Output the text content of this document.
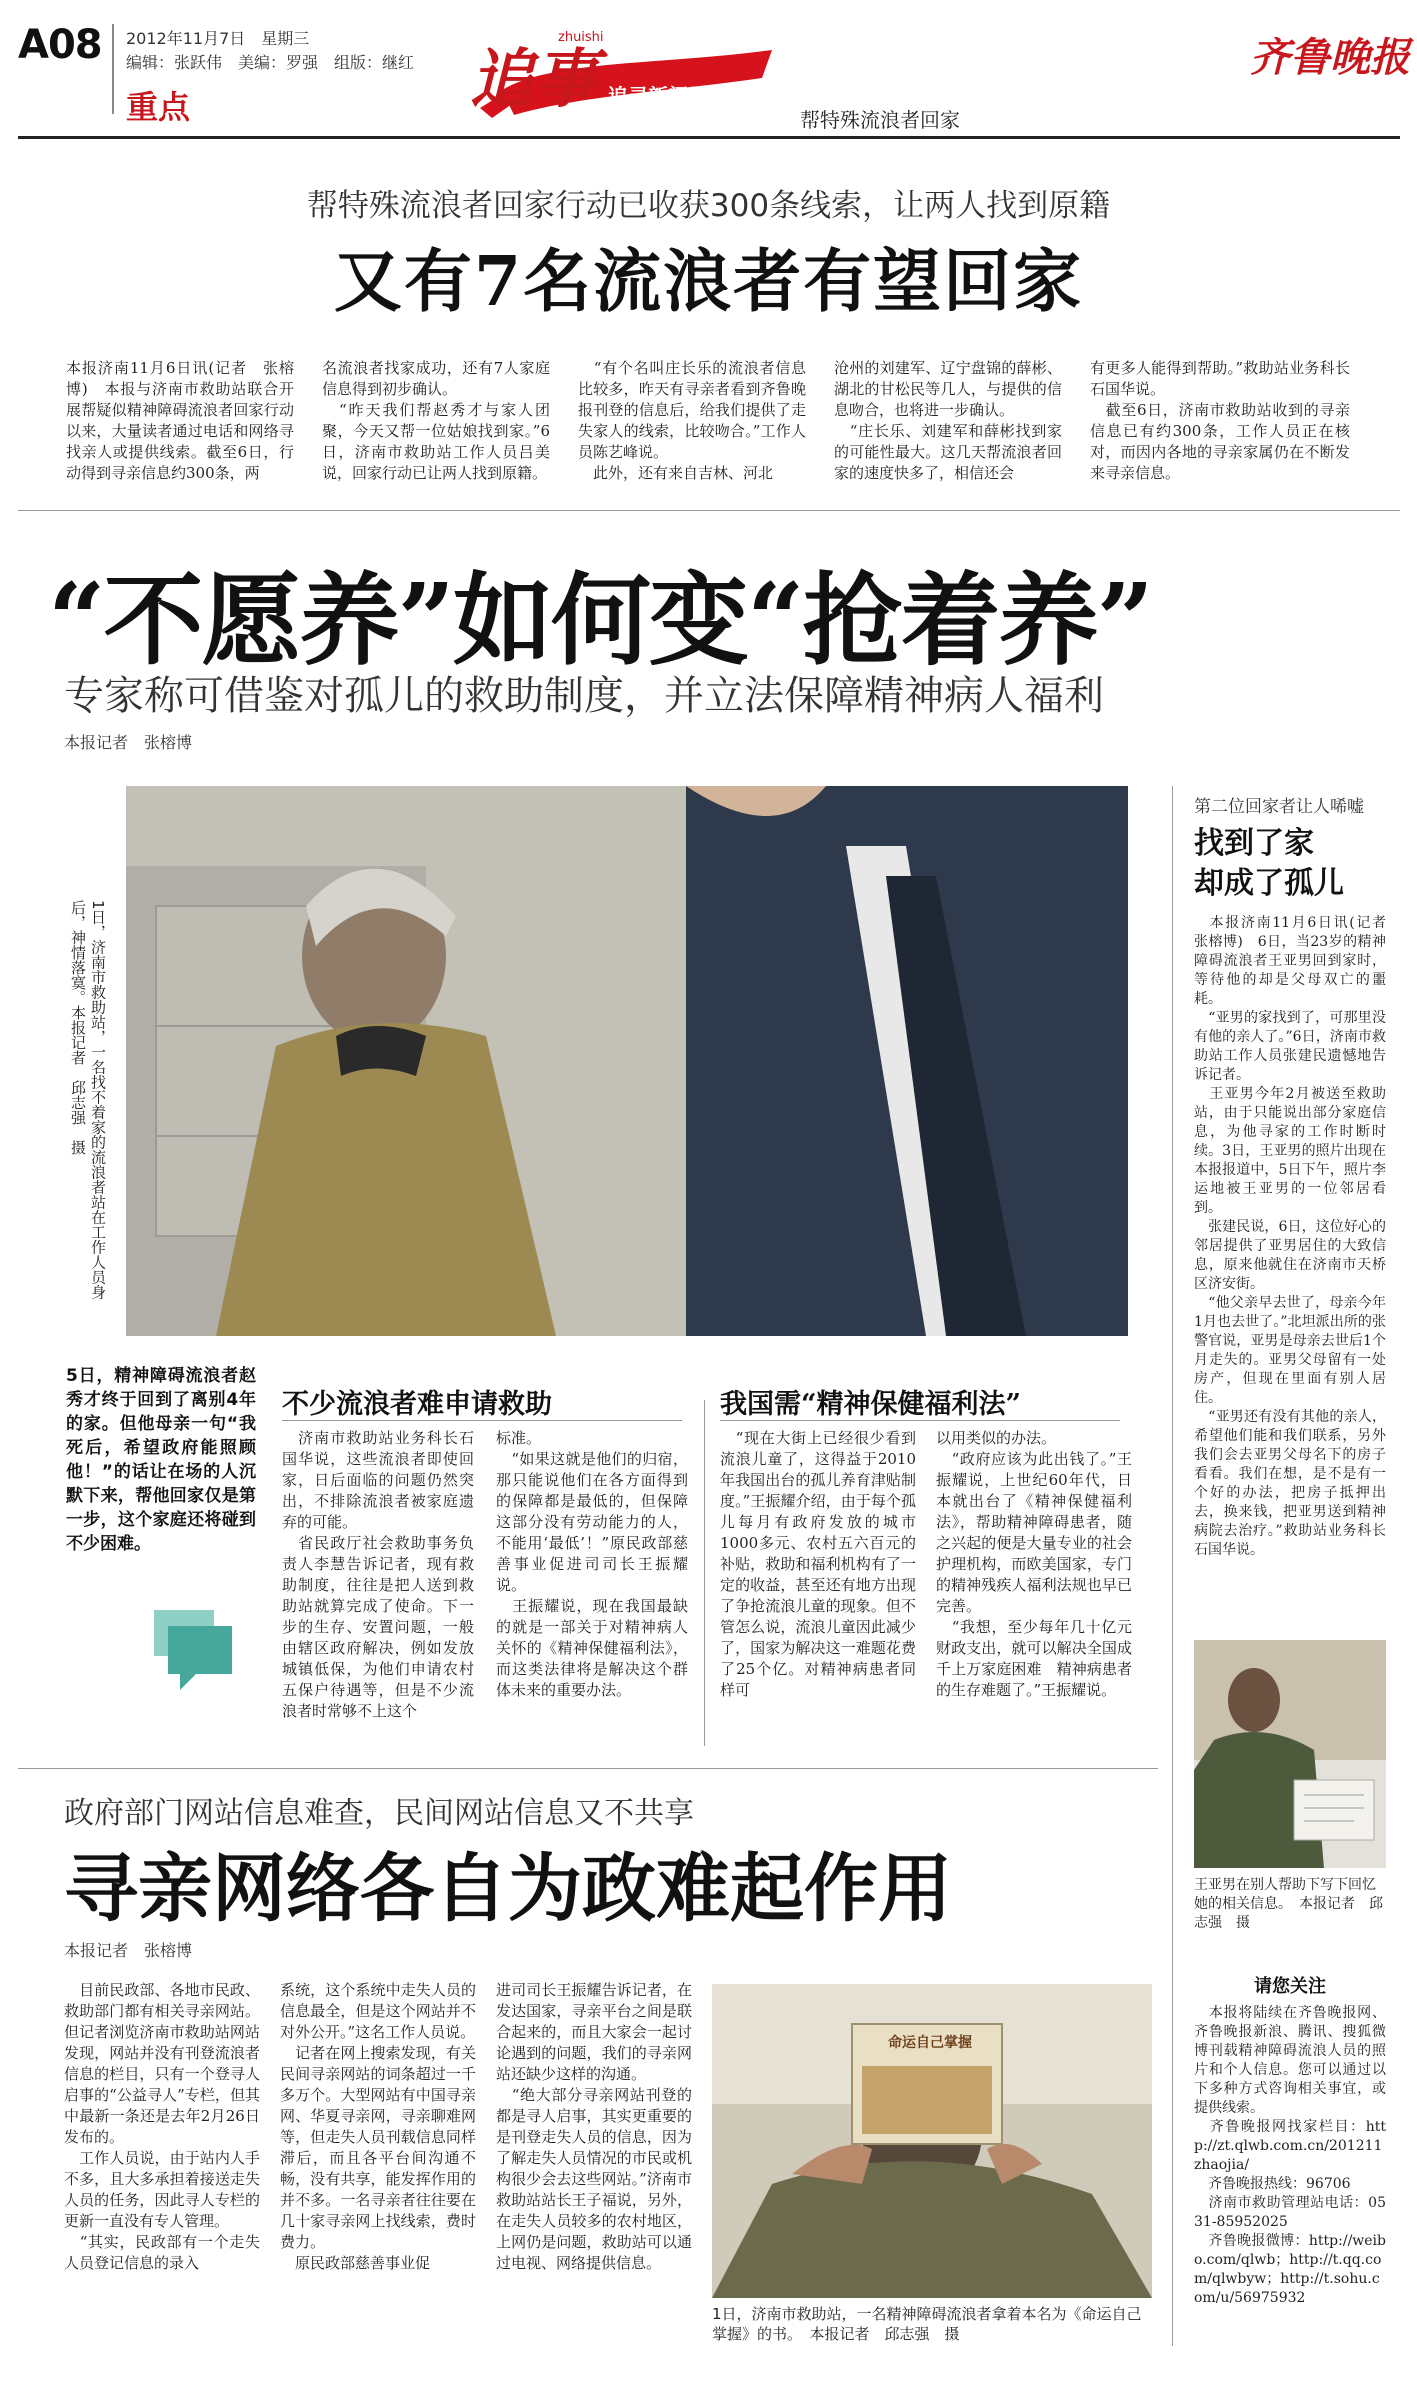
A08 2012年11月7日　星期三
编辑：张跃伟　美编：罗强　组版：继红
重点	追事
zhuishi
追寻新闻尽头
帮特殊流浪者回家
齐鲁晚报
帮特殊流浪者回家行动已收获300条线索，让两人找到原籍
又有7名流浪者有望回家
本报济南11月6日讯(记者　张榕博)　本报与济南市救助站联合开展帮疑似精神障碍流浪者回家行动以来，大量读者通过电话和网络寻找亲人或提供线索。截至6日，行动得到寻亲信息约300条，两
名流浪者找家成功，还有7人家庭信息得到初步确认。
　“昨天我们帮赵秀才与家人团聚，今天又帮一位姑娘找到家。”6日，济南市救助站工作人员吕美说，回家行动已让两人找到原籍。
　“有个名叫庄长乐的流浪者信息比较多，昨天有寻亲者看到齐鲁晚报刊登的信息后，给我们提供了走失家人的线索，比较吻合。”工作人员陈艺峰说。
　此外，还有来自吉林、河北
沧州的刘建军、辽宁盘锦的薛彬、湖北的甘松民等几人，与提供的信息吻合，也将进一步确认。
　“庄长乐、刘建军和薛彬找到家的可能性最大。这几天帮流浪者回家的速度快多了，相信还会
有更多人能得到帮助。”救助站业务科长石国华说。
　截至6日，济南市救助站收到的寻亲信息已有约300条，工作人员正在核对，而因内各地的寻亲家属仍在不断发来寻亲信息。
“不愿养”如何变“抢着养”
专家称可借鉴对孤儿的救助制度，并立法保障精神病人福利
本报记者　张榕博
1日，济南市救助站，一名找不着家的流浪者站在工作人员身后，神情落寞。本报记者　邱志强　摄
5日，精神障碍流浪者赵秀才终于回到了离别4年的家。但他母亲一句“我死后，希望政府能照顾他！”的话让在场的人沉默下来，帮他回家仅是第一步，这个家庭还将碰到不少困难。
不少流浪者难申请救助	我国需“精神保健福利法”
　济南市救助站业务科长石国华说，这些流浪者即使回家，日后面临的问题仍然突出，不排除流浪者被家庭遗弃的可能。
　省民政厅社会救助事务负责人李慧告诉记者，现有救助制度，往往是把人送到救助站就算完成了使命。下一步的生存、安置问题，一般由辖区政府解决，例如发放城镇低保，为他们申请农村五保户待遇等，但是不少流浪者时常够不上这个
标准。
　“如果这就是他们的归宿，那只能说他们在各方面得到的保障都是最低的，但保障这部分没有劳动能力的人，不能用‘最低’！”原民政部慈善事业促进司司长王振耀说。
　王振耀说，现在我国最缺的就是一部关于对精神病人关怀的《精神保健福利法》，而这类法律将是解决这个群体未来的重要办法。
　“现在大街上已经很少看到流浪儿童了，这得益于2010年我国出台的孤儿养育津贴制度。”王振耀介绍，由于每个孤儿每月有政府发放的城市1000多元、农村五六百元的补贴，救助和福利机构有了一定的收益，甚至还有地方出现了争抢流浪儿童的现象。但不管怎么说，流浪儿童因此减少了，国家为解决这一难题花费了25个亿。对精神病患者同样可
以用类似的办法。
　“政府应该为此出钱了。”王振耀说，上世纪60年代，日本就出台了《精神保健福利法》，帮助精神障碍患者，随之兴起的便是大量专业的社会护理机构，而欧美国家，专门的精神残疾人福利法规也早已完善。
　“我想，至少每年几十亿元财政支出，就可以解决全国成千上万家庭困难　精神病患者的生存难题了。”王振耀说。
第二位回家者让人唏嘘
找到了家
却成了孤儿
　本报济南11月6日讯(记者　张榕博)　6日，当23岁的精神障碍流浪者王亚男回到家时，等待他的却是父母双亡的噩耗。
　“亚男的家找到了，可那里没有他的亲人了。”6日，济南市救助站工作人员张建民遗憾地告诉记者。
　王亚男今年2月被送至救助站，由于只能说出部分家庭信息，为他寻家的工作时断时续。3日，王亚男的照片出现在本报报道中，5日下午，照片李运地被王亚男的一位邻居看到。
　张建民说，6日，这位好心的邻居提供了亚男居住的大致信息，原来他就住在济南市天桥区济安街。
　“他父亲早去世了，母亲今年1月也去世了。”北坦派出所的张警官说，亚男是母亲去世后1个月走失的。亚男父母留有一处房产，但现在里面有别人居住。
　“亚男还有没有其他的亲人，希望他们能和我们联系，另外我们会去亚男父母名下的房子看看。我们在想，是不是有一个好的办法，把房子抵押出去，换来钱，把亚男送到精神病院去治疗。”救助站业务科长石国华说。
王亚男在别人帮助下写下回忆她的相关信息。　本报记者　邱志强　摄
请您关注
　本报将陆续在齐鲁晚报网、齐鲁晚报新浪、腾讯、搜狐微博刊载精神障碍流浪人员的照片和个人信息。您可以通过以下多种方式咨询相关事宜，或提供线索。
　齐鲁晚报网找家栏目：http://zt.qlwb.com.cn/201211zhaojia/
　齐鲁晚报热线：96706
　济南市救助管理站电话：0531-85952025
　齐鲁晚报微博：http://weibo.com/qlwb；http://t.qq.com/qlwbyw；http://t.sohu.com/u/56975932
政府部门网站信息难查，民间网站信息又不共享
寻亲网络各自为政难起作用
本报记者　张榕博
　目前民政部、各地市民政、救助部门都有相关寻亲网站。但记者浏览济南市救助站网站发现，网站并没有刊登流浪者信息的栏目，只有一个登寻人启事的“公益寻人”专栏，但其中最新一条还是去年2月26日发布的。
　工作人员说，由于站内人手不多，且大多承担着接送走失人员的任务，因此寻人专栏的更新一直没有专人管理。
　“其实，民政部有一个走失人员登记信息的录入
系统，这个系统中走失人员的信息最全，但是这个网站并不对外公开。”这名工作人员说。
　记者在网上搜索发现，有关民间寻亲网站的词条超过一千多万个。大型网站有中国寻亲网、华夏寻亲网，寻亲聊难网等，但走失人员刊载信息同样滞后，而且各平台间沟通不畅，没有共享，能发挥作用的并不多。一名寻亲者往往要在几十家寻亲网上找线索，费时费力。
　原民政部慈善事业促
进司司长王振耀告诉记者，在发达国家，寻亲平台之间是联合起来的，而且大家会一起讨论遇到的问题，我们的寻亲网站还缺少这样的沟通。
　“绝大部分寻亲网站刊登的都是寻人启事，其实更重要的是刊登走失人员的信息，因为了解走失人员情况的市民或机构很少会去这些网站。”济南市救助站站长王子福说，另外，在走失人员较多的农村地区，上网仍是问题，救助站可以通过电视、网络提供信息。
命运自己掌握
1日，济南市救助站，一名精神障碍流浪者拿着本名为《命运自己掌握》的书。　本报记者　邱志强　摄
